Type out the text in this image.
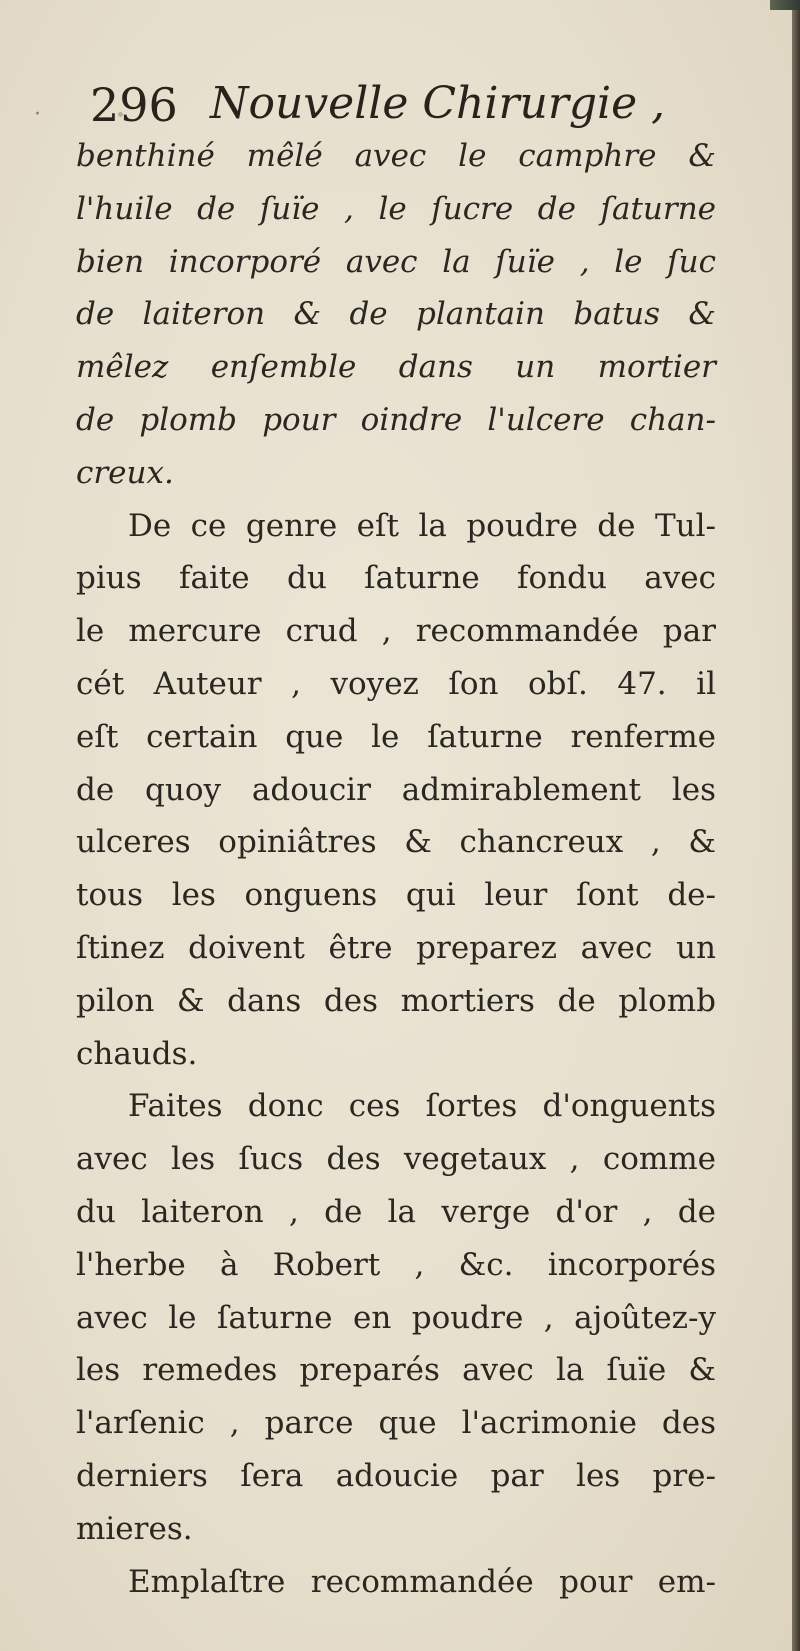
· 296 Nouvelle Chirurgie ,
benthiné mêlé avec le camphre &
l'huile de ſuïe , le ſucre de ſaturne
bien incorporé avec la ſuïe , le ſuc
de laiteron & de plantain batus &
mêlez enſemble dans un mortier
de plomb pour oindre l'ulcere chan-
creux.
De ce genre eſt la poudre de Tul-
pius faite du ſaturne fondu avec
le mercure crud , recommandée par
cét Auteur , voyez ſon obſ. 47. il
eſt certain que le ſaturne renferme
de quoy adoucir admirablement les
ulceres opiniâtres & chancreux , &
tous les onguens qui leur ſont de-
ſtinez doivent être preparez avec un
pilon & dans des mortiers de plomb
chauds.
Faites donc ces ſortes d'onguents
avec les ſucs des vegetaux , comme
du laiteron , de la verge d'or , de
l'herbe à Robert , &c. incorporés
avec le ſaturne en poudre , ajoûtez-y
les remedes preparés avec la ſuïe &
l'arſenic , parce que l'acrimonie des
derniers ſera adoucie par les pre-
mieres.
Emplaſtre recommandée pour em-
